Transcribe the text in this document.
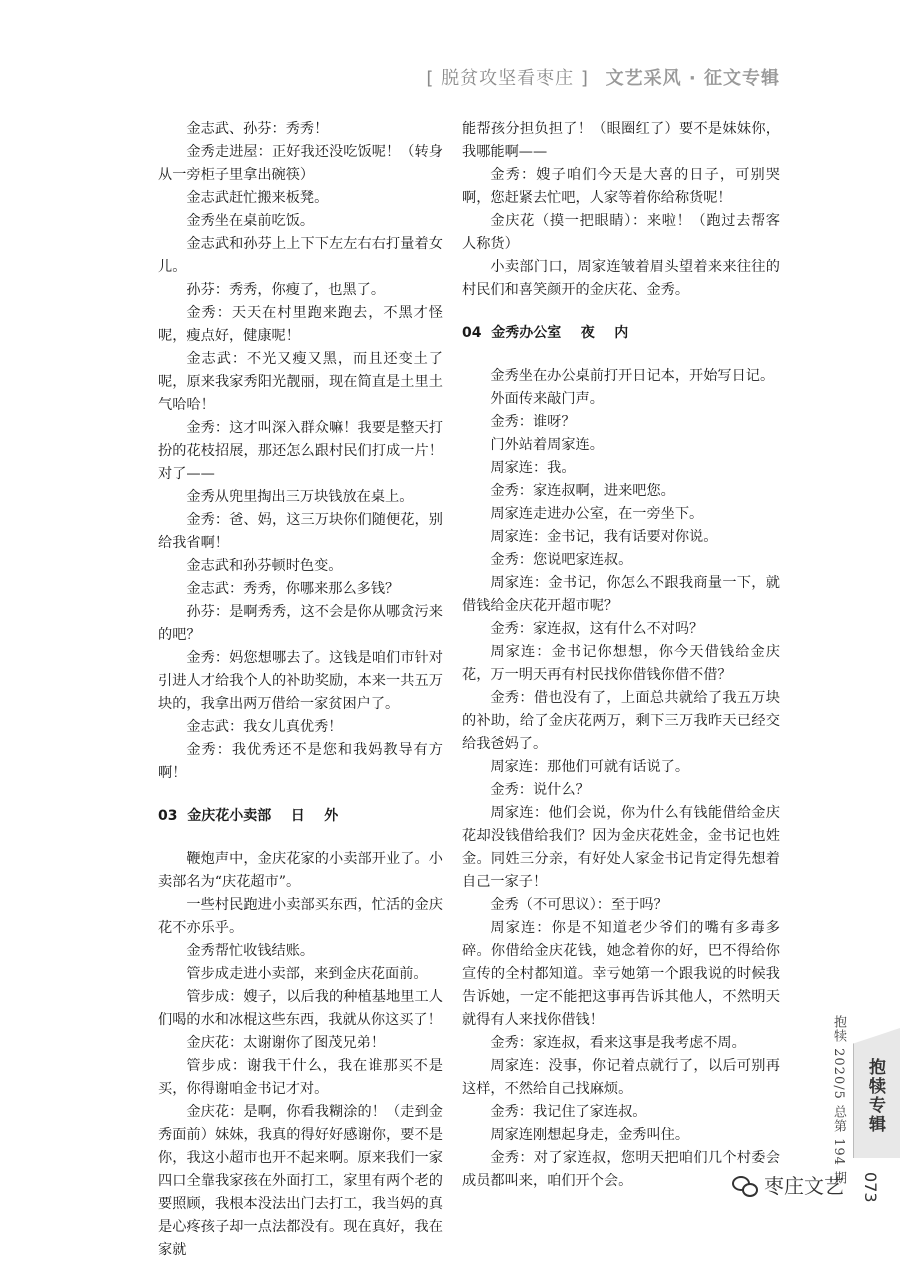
[ 脱贫攻坚看枣庄 ] 文艺采风 · 征文专辑

金志武、孙芬：秀秀！

金秀走进屋：正好我还没吃饭呢！（转身从一旁柜子里拿出碗筷）

金志武赶忙搬来板凳。

金秀坐在桌前吃饭。

金志武和孙芬上上下下左左右右打量着女儿。

孙芬：秀秀，你瘦了，也黑了。

金秀：天天在村里跑来跑去，不黑才怪呢，瘦点好，健康呢！

金志武：不光又瘦又黑，而且还变土了呢，原来我家秀阳光靓丽，现在简直是土里土气哈哈！

金秀：这才叫深入群众嘛！我要是整天打扮的花枝招展，那还怎么跟村民们打成一片！对了——

金秀从兜里掏出三万块钱放在桌上。

金秀：爸、妈，这三万块你们随便花，别给我省啊！

金志武和孙芬顿时色变。

金志武：秀秀，你哪来那么多钱？

孙芬：是啊秀秀，这不会是你从哪贪污来的吧？

金秀：妈您想哪去了。这钱是咱们市针对引进人才给我个人的补助奖励，本来一共五万块的，我拿出两万借给一家贫困户了。

金志武：我女儿真优秀！

金秀：我优秀还不是您和我妈教导有方啊！

03  金庆花小卖部    日    外

鞭炮声中，金庆花家的小卖部开业了。小卖部名为“庆花超市”。

一些村民跑进小卖部买东西，忙活的金庆花不亦乐乎。

金秀帮忙收钱结账。

管步成走进小卖部，来到金庆花面前。

管步成：嫂子，以后我的种植基地里工人们喝的水和冰棍这些东西，我就从你这买了！

金庆花：太谢谢你了图茂兄弟！

管步成：谢我干什么，我在谁那买不是买，你得谢咱金书记才对。

金庆花：是啊，你看我糊涂的！（走到金秀面前）妹妹，我真的得好好感谢你，要不是你，我这小超市也开不起来啊。原来我们一家四口全靠我家孩在外面打工，家里有两个老的要照顾，我根本没法出门去打工，我当妈的真是心疼孩子却一点法都没有。现在真好，我在家就

能帮孩分担负担了！（眼圈红了）要不是妹妹你，我哪能啊——

金秀：嫂子咱们今天是大喜的日子，可别哭啊，您赶紧去忙吧，人家等着你给称货呢！

金庆花（摸一把眼睛）：来啦！（跑过去帮客人称货）

小卖部门口，周家连皱着眉头望着来来往往的村民们和喜笑颜开的金庆花、金秀。

04  金秀办公室    夜    内

金秀坐在办公桌前打开日记本，开始写日记。

外面传来敲门声。

金秀：谁呀？

门外站着周家连。

周家连：我。

金秀：家连叔啊，进来吧您。

周家连走进办公室，在一旁坐下。

周家连：金书记，我有话要对你说。

金秀：您说吧家连叔。

周家连：金书记，你怎么不跟我商量一下，就借钱给金庆花开超市呢？

金秀：家连叔，这有什么不对吗？

周家连：金书记你想想，你今天借钱给金庆花，万一明天再有村民找你借钱你借不借？

金秀：借也没有了，上面总共就给了我五万块的补助，给了金庆花两万，剩下三万我昨天已经交给我爸妈了。

周家连：那他们可就有话说了。

金秀：说什么？

周家连：他们会说，你为什么有钱能借给金庆花却没钱借给我们？因为金庆花姓金，金书记也姓金。同姓三分亲，有好处人家金书记肯定得先想着自己一家子！

金秀（不可思议）：至于吗？

周家连：你是不知道老少爷们的嘴有多毒多碎。你借给金庆花钱，她念着你的好，巴不得给你宣传的全村都知道。幸亏她第一个跟我说的时候我告诉她，一定不能把这事再告诉其他人，不然明天就得有人来找你借钱！

金秀：家连叔，看来这事是我考虑不周。

周家连：没事，你记着点就行了，以后可别再这样，不然给自己找麻烦。

金秀：我记住了家连叔。

周家连刚想起身走，金秀叫住。

金秀：对了家连叔，您明天把咱们几个村委会成员都叫来，咱们开个会。	抱犊 2020/5 总第 194 期 抱犊专辑
枣庄文艺 073
